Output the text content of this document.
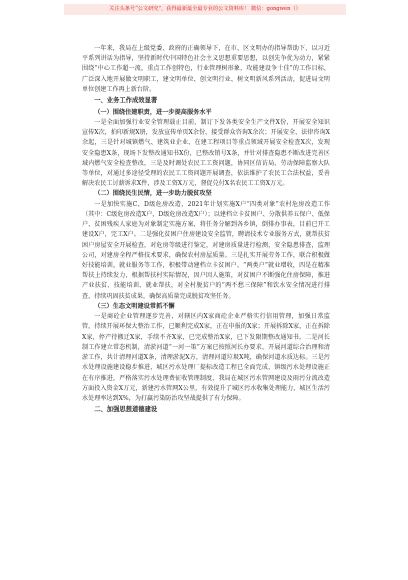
关注头条号“公文研究”，获得最新最全最专业的公文资料库！ 微信：gongwen（）

一年来，我局在上级党委、政府的正确领导下，在市、区文明办的指导帮助下，以习近平系列讲话为指导，坚持新时代中国特色社会主义思想重要思想，以创先争优为动力，紧紧围绕“中心工作超一流，重点工作创特色，行业管理树形象，攻能建设争十佳”的工作目标，广泛深入地开展做文明职工，建文明单位、创文明行业、树文明新风系列活动，促进局文明单位创建工作再上新台阶。

一、业务工作成效显著
（一）围绕住建职责，进一步提高服务水平

一是全面加强行业安全管理载止目前，制订下发各类安全生产文件X份，开展安全知识宣传X次，拍印新规X册，发放宣传单页X余份，接受群众咨询X余次；开展安全、法律咨询X余起，三是针对城镇燃气、建筑业企业、在建工程项目等重点领域开展安全检查X次，发现安全隐患X条，现场下发整改通知书X份，已整改销号X条，并针对排查隐患不断改进完善区域内燃气安全检查整改，三是及时调处农民工工资问题，协同区信访局、劳动保障监察大队等单位，对通过多途径受理的农民工工资问题开展调查，依法维护了农民工合法权益，妥善解决农民工讨薪诉求X件，涉及工资X万元，督促兑付X名农民工工资X万元。

（二）围绕民生民情，进一步助力脱贫攻坚

一是加快实施C、D级危房改造，2021年计划实施X户“四类对象”农村危房改造工作（其中：C级危房改造X户，D级危房改造X户）；以建档立卡贫困户、分散供养五保户、低保户、贫困残疾人家庭为对象制定实施方案，将任务分解到各乡镇，倒排办事表，目前已开工建设X户，完工X户。二是强化贫困户住房建设安全监管，聘请技术专业服务方式，就帮扶贫困户房屋安全开展检查，对危房等级进行鉴定，对建房质量进行检测，安全隐患排查，监理公司，对建房全程严格技术要求，确保农村房屋质量。三是扎实开展劳务工作，联合积极做好技能培训，就业服务等工作，积极带动建档立卡贫困户、“两类户”就业增收，四是在精准帮扶上持续发力，根据帮扶村实际情况，因户因人施策，对贫困户不断强化住房保障，推进产业扶贫、技能培训、就业帮扶，对全村脱贫户的“两不愁三保障”和饮水安全情况进行排查，持续巩固扶贫成果，确保高质量完成脱贫攻坚任务。

（三）生态文明建设常抓不懈

一是商砼企业管理逐步完善，对辖区内X家商砼企业严格实行信用管理，加强日常监管，持续开展环保大整治工作，已顺利完成X家，正在申报的X家；开展拆除X家，正在拆除X家，停产待搬迁X家，手续不齐X家，已完成整治X家，已下发限期整改通知书。二是河长制工作建立常态机制，清淤河道“一河一策”方案已按照河长办要求，开展河道综合治理和清淤工作，共计清理河道X条，清理淤泥X方，清理河道垃圾X吨，确保河道水质达标。三是污水处理设施建设稳步推进，城区污水处理厂提标改造工程已全面完成，镇级污水处理设施正在有序推进，严格落实污水处理费征收管理制度，我局在城区污水管网建设及雨污分流改造方面投入资金X万元，新建污水管网X公里，有效提升了城区污水收集处理能力，城区生活污水处理率达到X%，为打赢污染防治攻坚战提供了有力保障。

二、加强思想道德建设
